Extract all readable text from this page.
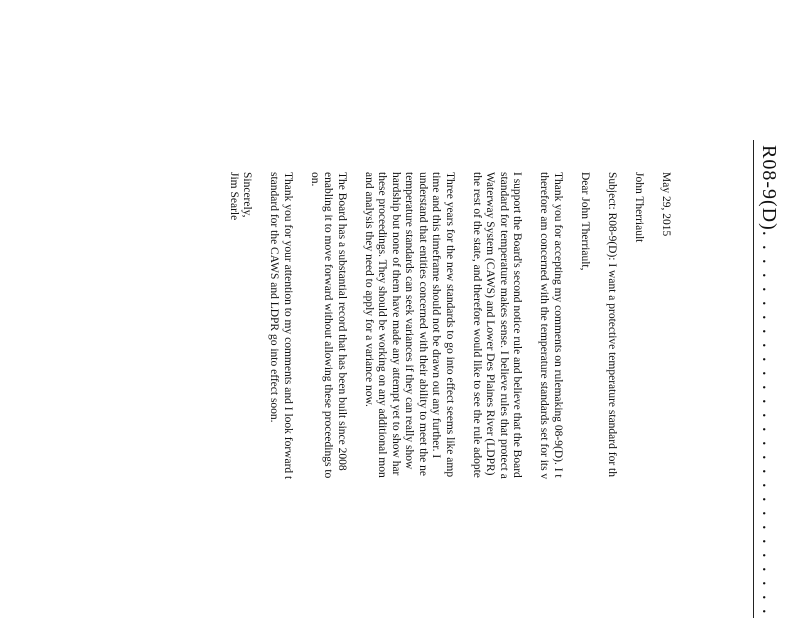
R08-9(D). . . . . . . . . . . . . . . . . . . . . . . . . . . .
May 29, 2015
John Therriault
Subject: R08-9(D): I want a protective temperature standard for th
Dear John Therriault,
Thank you for accepting my comments on rulemaking 08-9(D). I t
therefore am concerned with the temperature standards set for its v
I support the Board's second notice rule and believe that the Board
standard for temperature makes sense. I believe rules that protect a
Waterway System (CAWS) and Lower Des Plaines River (LDPR)
the rest of the state, and therefore would like to see the rule adopte
Three years for the new standards to go into effect seems like amp
time and this timeframe should not be drawn out any further. I
understand that entities concerned with their ability to meet the ne
temperature standards can seek variances if they can really show
hardship but none of them have made any attempt yet to show har
these proceedings. They should be working on any additional mon
and analysis they need to apply for a variance now.
The Board has a substantial record that has been built since 2008
enabling it to move forward without allowing these proceedings to
on.
Thank you for your attention to my comments and I look forward t
standard for the CAWS and LDPR go into effect soon.
Sincerely,
Jim Searle
